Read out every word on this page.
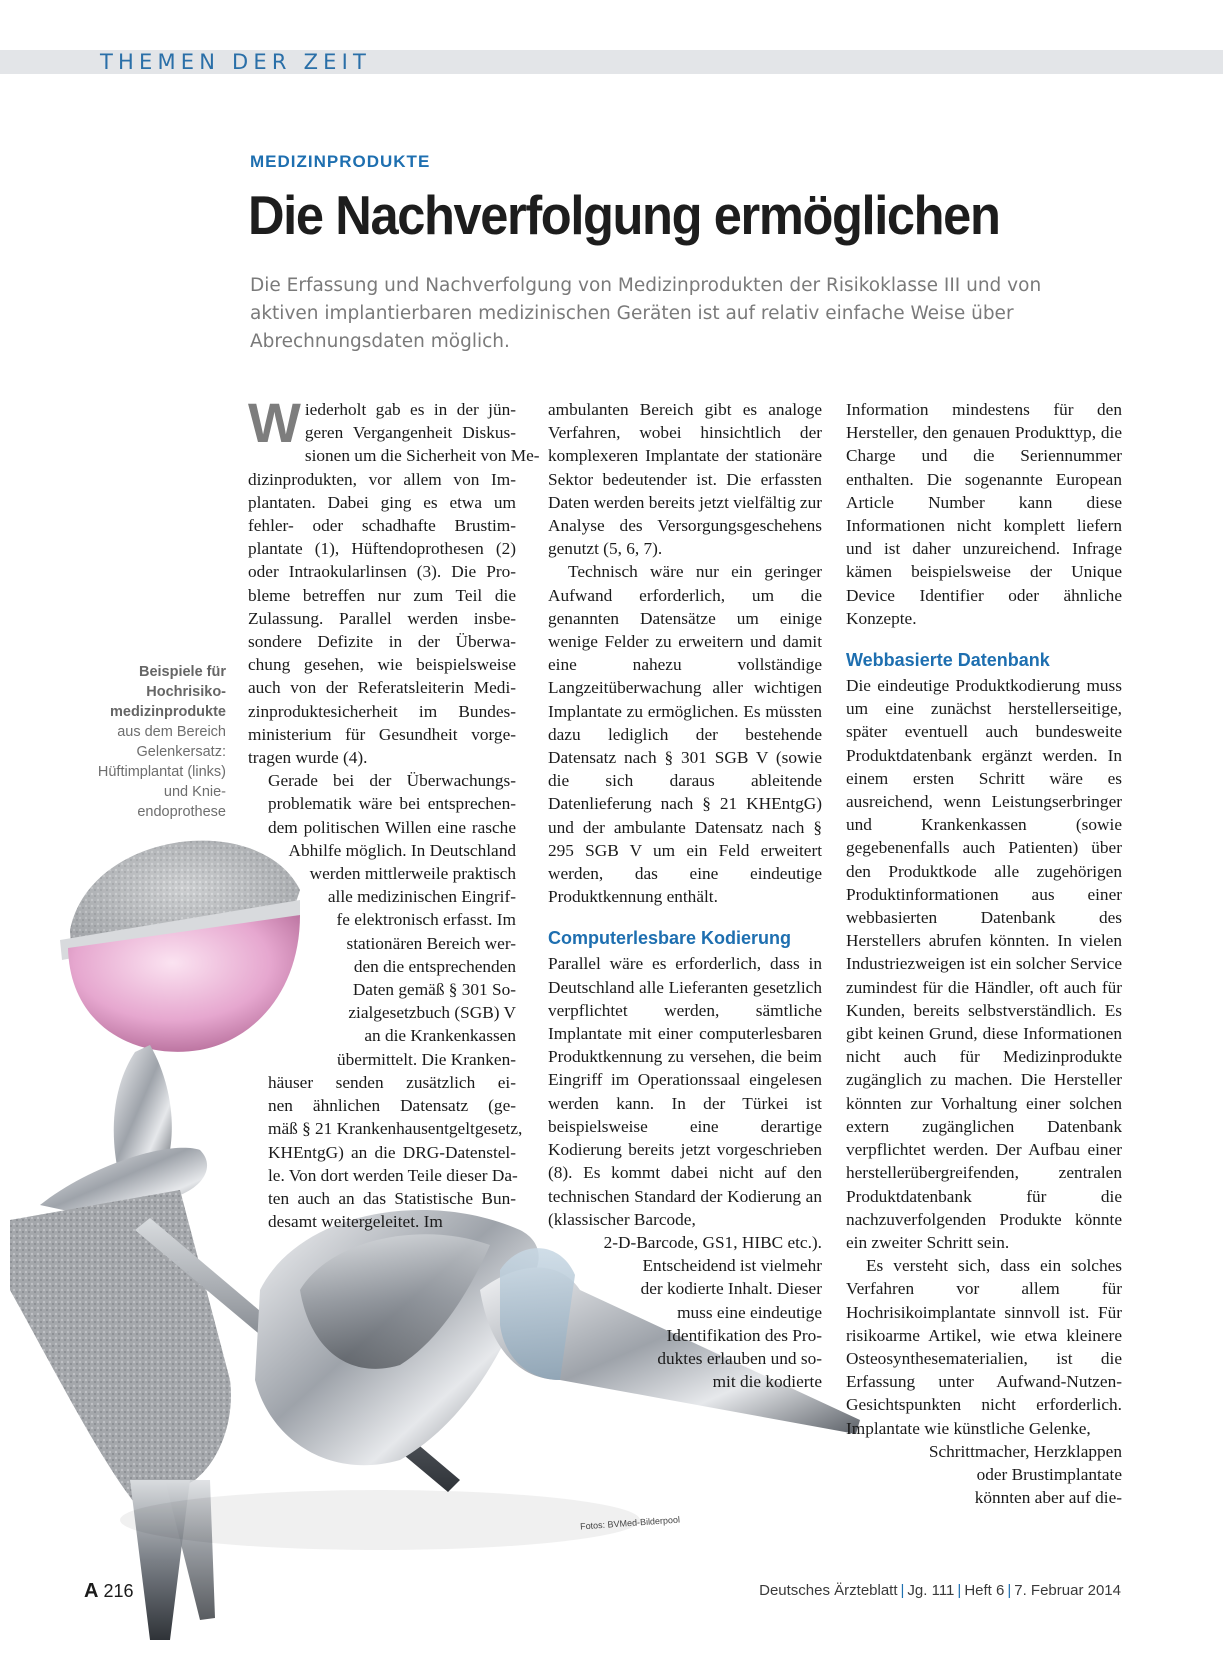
THEMEN DER ZEIT
MEDIZINPRODUKTE
Die Nachverfolgung ermöglichen

Die Erfassung und Nachverfolgung von Medizinprodukten der Risikoklasse III und von aktiven implantierbaren medizinischen Geräten ist auf relativ einfache Weise über Abrechnungsdaten möglich.

Beispiele für Hochrisiko-medizinprodukte
aus dem Bereich Gelenkersatz: Hüftimplantat (links) und Knie-endoprothese
W iederholt gab es in der jün-
geren Vergangenheit Diskus-
sionen um die Sicherheit von Me-
dizinprodukten, vor allem von Im-
plantaten. Dabei ging es etwa um
fehler- oder schadhafte Brustim-
plantate (1), Hüftendoprothesen (2)
oder Intraokularlinsen (3). Die Pro-
bleme betreffen nur zum Teil die
Zulassung. Parallel werden insbe-
sondere Defizite in der Überwa-
chung gesehen, wie beispielsweise
auch von der Referatsleiterin Medi-
zinproduktesicherheit im Bundes-
ministerium für Gesundheit vorge-
tragen wurde (4).

Gerade bei der Überwachungs-
problematik wäre bei entsprechen-
dem politischen Willen eine rasche
Abhilfe möglich. In Deutschland
werden mittlerweile praktisch
alle medizinischen Eingrif-
fe elektronisch erfasst. Im
stationären Bereich wer-
den die entsprechenden
Daten gemäß § 301 So-
zialgesetzbuch (SGB) V
an die Krankenkassen
übermittelt. Die Kranken-
häuser senden zusätzlich ei-
nen ähnlichen Datensatz (ge-
mäß § 21 Krankenhausentgeltgesetz,
KHEntgG) an die DRG-Datenstel-
le. Von dort werden Teile dieser Da-
ten auch an das Statistische Bun-
desamt weitergeleitet. Im

ambulanten Bereich gibt es analoge Verfahren, wobei hinsichtlich der komplexeren Implantate der stationäre Sektor bedeutender ist. Die erfassten Daten werden bereits jetzt vielfältig zur Analyse des Versorgungsgeschehens genutzt (5, 6, 7).

Technisch wäre nur ein geringer Aufwand erforderlich, um die genannten Datensätze um einige wenige Felder zu erweitern und damit eine nahezu vollständige Langzeitüberwachung aller wichtigen Implantate zu ermöglichen. Es müssten dazu lediglich der bestehende Datensatz nach § 301 SGB V (sowie die sich daraus ableitende Datenlieferung nach § 21 KHEntgG) und der ambulante Datensatz nach § 295 SGB V um ein Feld erweitert werden, das eine eindeutige Produktkennung enthält.

Computerlesbare Kodierung

Parallel wäre es erforderlich, dass in Deutschland alle Lieferanten gesetzlich verpflichtet werden, sämtliche Implantate mit einer computerlesbaren Produktkennung zu versehen, die beim Eingriff im Operationssaal eingelesen werden kann. In der Türkei ist beispielsweise eine derartige Kodierung bereits jetzt vorgeschrieben (8). Es kommt dabei nicht auf den technischen Standard der Kodierung an (klassischer Barcode,

2-D-Barcode, GS1, HIBC etc.).
Entscheidend ist vielmehr
der kodierte Inhalt. Dieser
muss eine eindeutige
Identifikation des Pro-
duktes erlauben und so-
mit die kodierte

Information mindestens für den Hersteller, den genauen Produkttyp, die Charge und die Seriennummer enthalten. Die sogenannte European Article Number kann diese Informationen nicht komplett liefern und ist daher unzureichend. Infrage kämen beispielsweise der Unique Device Identifier oder ähnliche Konzepte.

Webbasierte Datenbank

Die eindeutige Produktkodierung muss um eine zunächst herstellerseitige, später eventuell auch bundesweite Produktdatenbank ergänzt werden. In einem ersten Schritt wäre es ausreichend, wenn Leistungserbringer und Krankenkassen (sowie gegebenenfalls auch Patienten) über den Produktkode alle zugehörigen Produktinformationen aus einer webbasierten Datenbank des Herstellers abrufen könnten. In vielen Industriezweigen ist ein solcher Service zumindest für die Händler, oft auch für Kunden, bereits selbstverständlich. Es gibt keinen Grund, diese Informationen nicht auch für Medizinprodukte zugänglich zu machen. Die Hersteller könnten zur Vorhaltung einer solchen extern zugänglichen Datenbank verpflichtet werden. Der Aufbau einer herstellerübergreifenden, zentralen Produktdatenbank für die nachzuverfolgenden Produkte könnte ein zweiter Schritt sein.

Es versteht sich, dass ein solches Verfahren vor allem für Hochrisikoimplantate sinnvoll ist. Für risikoarme Artikel, wie etwa kleinere Osteosynthesematerialien, ist die Erfassung unter Aufwand-Nutzen-Gesichtspunkten nicht erforderlich. Implantate wie künstliche Gelenke,

Schrittmacher, Herzklappen
oder Brustimplantate
könnten aber auf die-

Fotos: BVMed-Bilderpool
A 216	Deutsches Ärzteblatt | Jg. 111 | Heft 6 | 7. Februar 2014
